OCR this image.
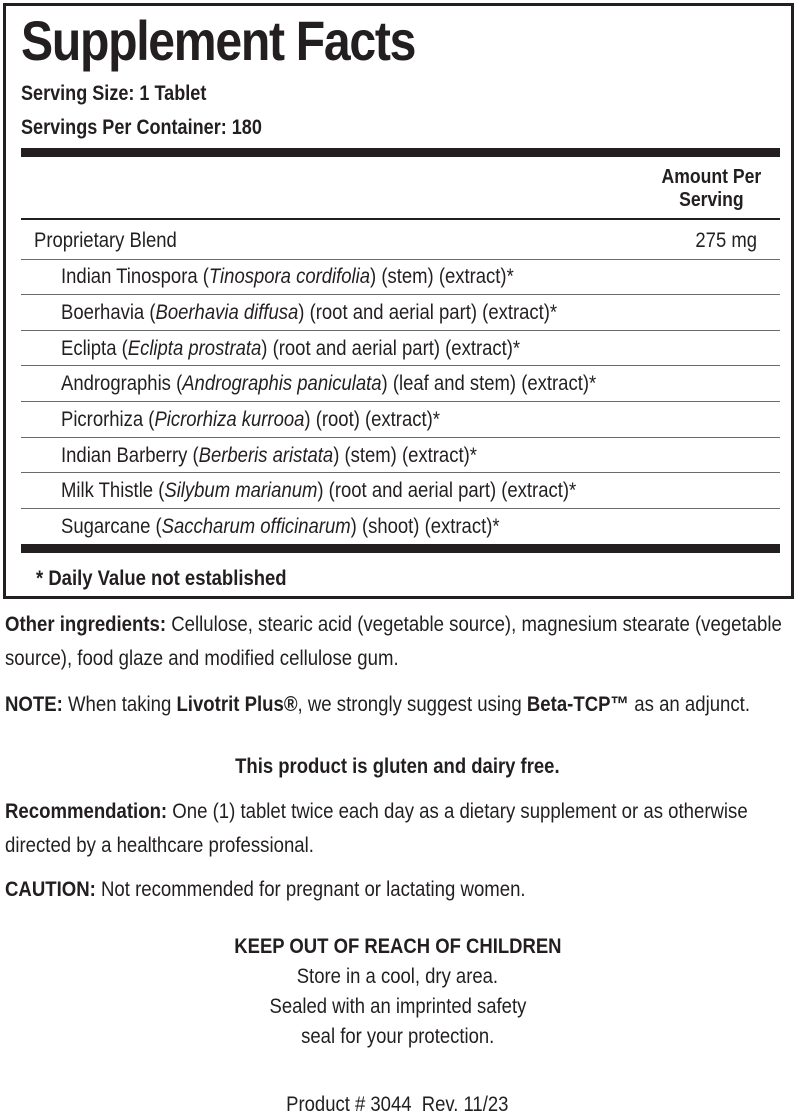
Supplement Facts
Serving Size: 1 Tablet
Servings Per Container: 180
Amount Per
Serving
Proprietary Blend	275 mg
Indian Tinospora (Tinospora cordifolia) (stem) (extract)*
Boerhavia (Boerhavia diffusa) (root and aerial part) (extract)*
Eclipta (Eclipta prostrata) (root and aerial part) (extract)*
Andrographis (Andrographis paniculata) (leaf and stem) (extract)*
Picrorhiza (Picrorhiza kurrooa) (root) (extract)*
Indian Barberry (Berberis aristata) (stem) (extract)*
Milk Thistle (Silybum marianum) (root and aerial part) (extract)*
Sugarcane (Saccharum officinarum) (shoot) (extract)*
* Daily Value not established
Other ingredients: Cellulose, stearic acid (vegetable source), magnesium stearate (vegetable source), food glaze and modified cellulose gum.
NOTE: When taking Livotrit Plus®, we strongly suggest using Beta-TCP™ as an adjunct.
This product is gluten and dairy free.
Recommendation: One (1) tablet twice each day as a dietary supplement or as otherwise directed by a healthcare professional.
CAUTION: Not recommended for pregnant or lactating women.
KEEP OUT OF REACH OF CHILDREN
Store in a cool, dry area.
Sealed with an imprinted safety
seal for your protection.
Product # 3044  Rev. 11/23
